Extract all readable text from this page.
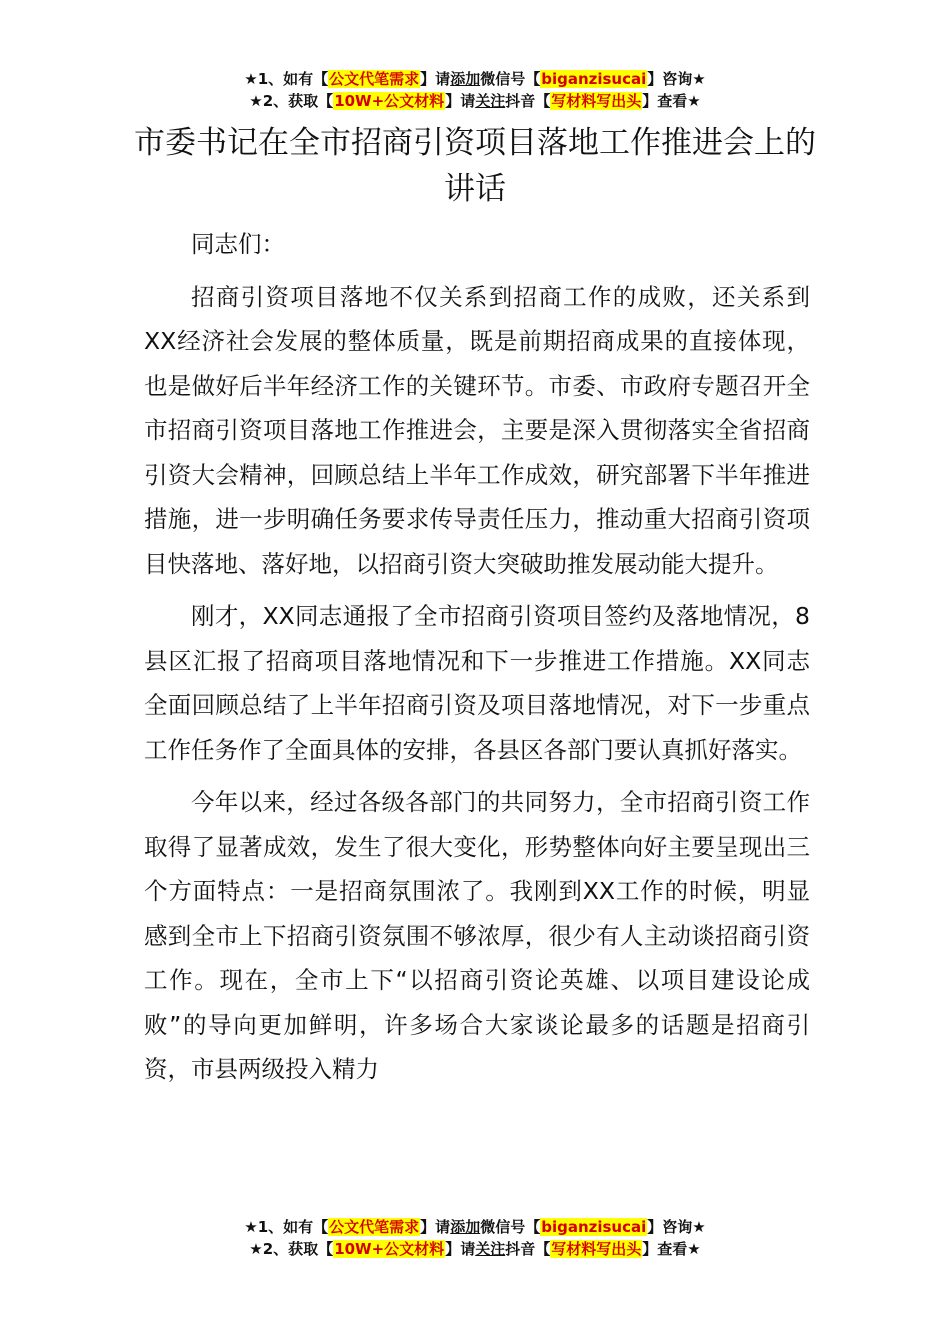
★1、如有【公文代笔需求】请添加微信号【biganzisucai】咨询★
★2、获取【10W+公文材料】请关注抖音【写材料写出头】查看★
市委书记在全市招商引资项目落地工作推进会上的讲话

同志们：

招商引资项目落地不仅关系到招商工作的成败，还关系到XX经济社会发展的整体质量，既是前期招商成果的直接体现，也是做好后半年经济工作的关键环节。市委、市政府专题召开全市招商引资项目落地工作推进会，主要是深入贯彻落实全省招商引资大会精神，回顾总结上半年工作成效，研究部署下半年推进措施，进一步明确任务要求传导责任压力，推动重大招商引资项目快落地、落好地，以招商引资大突破助推发展动能大提升。

刚才，XX同志通报了全市招商引资项目签约及落地情况，8县区汇报了招商项目落地情况和下一步推进工作措施。XX同志全面回顾总结了上半年招商引资及项目落地情况，对下一步重点工作任务作了全面具体的安排，各县区各部门要认真抓好落实。

今年以来，经过各级各部门的共同努力，全市招商引资工作取得了显著成效，发生了很大变化，形势整体向好主要呈现出三个方面特点：一是招商氛围浓了。我刚到XX工作的时候，明显感到全市上下招商引资氛围不够浓厚，很少有人主动谈招商引资工作。现在，全市上下“以招商引资论英雄、以项目建设论成败”的导向更加鲜明，许多场合大家谈论最多的话题是招商引资，市县两级投入精力

★1、如有【公文代笔需求】请添加微信号【biganzisucai】咨询★
★2、获取【10W+公文材料】请关注抖音【写材料写出头】查看★
